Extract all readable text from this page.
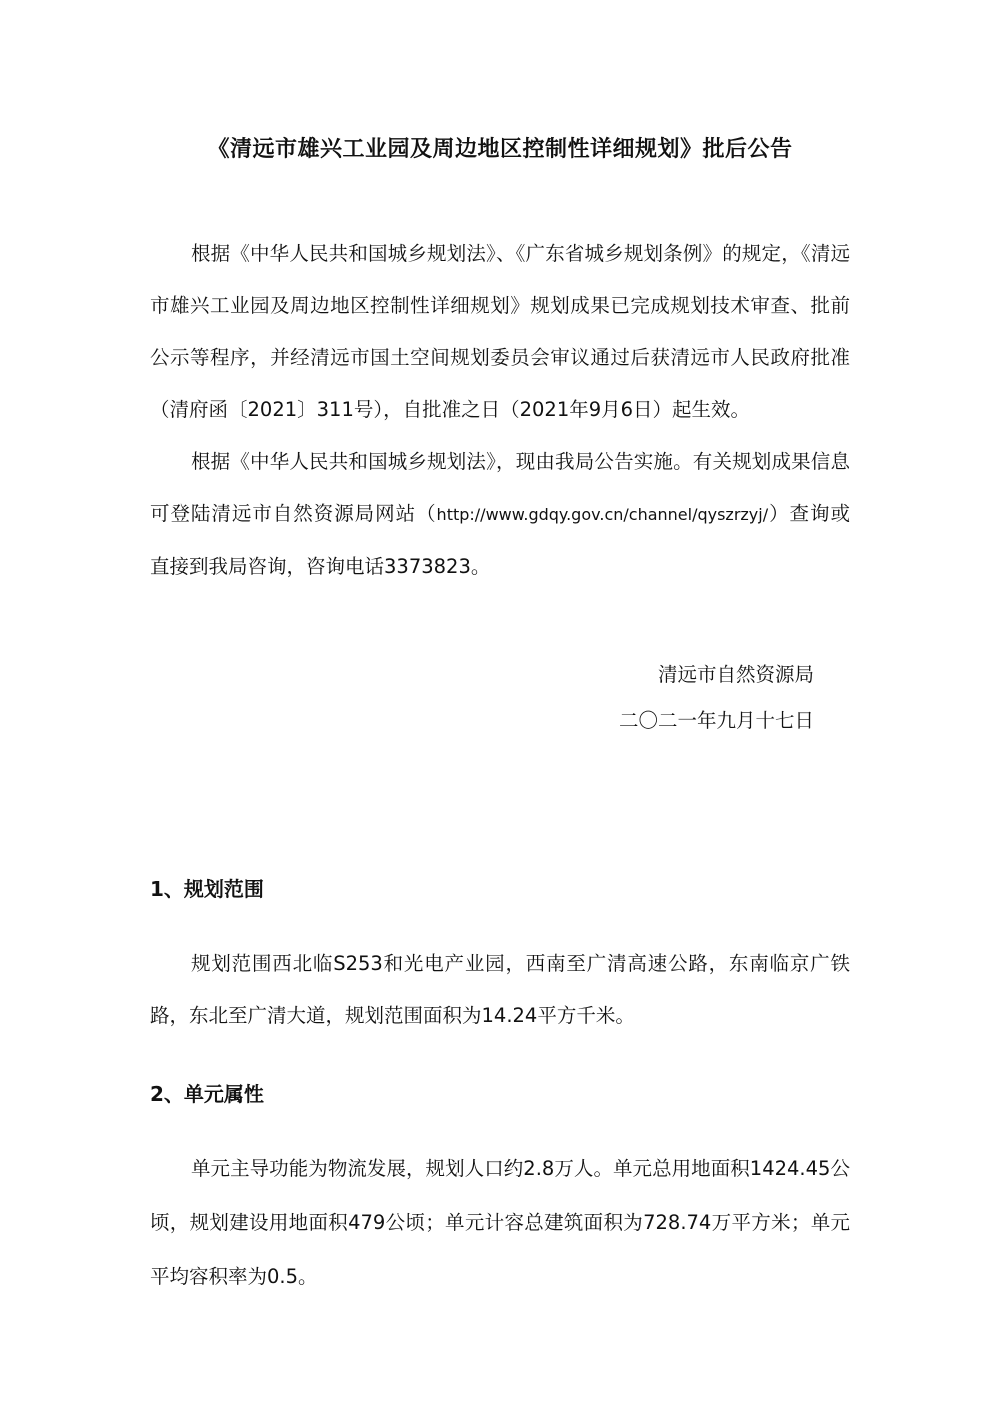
《清远市雄兴工业园及周边地区控制性详细规划》批后公告

根据《中华人民共和国城乡规划法》、《广东省城乡规划条例》的规定，《清远市雄兴工业园及周边地区控制性详细规划》规划成果已完成规划技术审查、批前公示等程序，并经清远市国土空间规划委员会审议通过后获清远市人民政府批准（清府函〔2021〕311号），自批准之日（2021年9月6日）起生效。

根据《中华人民共和国城乡规划法》，现由我局公告实施。有关规划成果信息可登陆清远市自然资源局网站（http://www.gdqy.gov.cn/channel/qyszrzyj/）查询或直接到我局咨询，咨询电话3373823。

清远市自然资源局
二〇二一年九月十七日
1、规划范围

规划范围西北临S253和光电产业园，西南至广清高速公路，东南临京广铁路，东北至广清大道，规划范围面积为14.24平方千米。

2、单元属性

单元主导功能为物流发展，规划人口约2.8万人。单元总用地面积1424.45公顷，规划建设用地面积479公顷；单元计容总建筑面积为728.74万平方米；单元平均容积率为0.5。
